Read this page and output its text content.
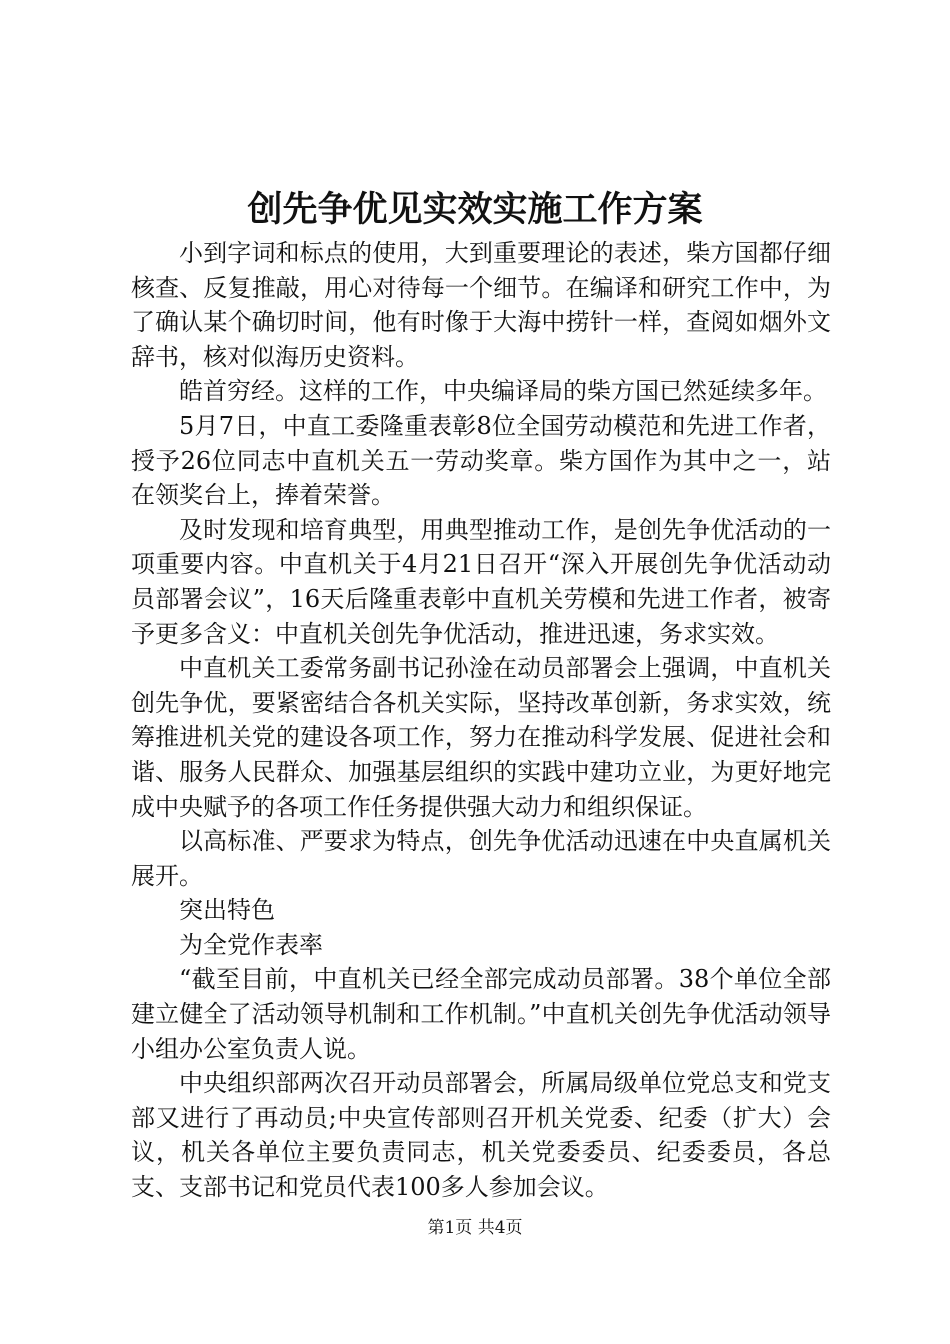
创先争优见实效实施工作方案

小到字词和标点的使用，大到重要理论的表述，柴方国都仔细核查、反复推敲，用心对待每一个细节。在编译和研究工作中，为了确认某个确切时间，他有时像于大海中捞针一样，查阅如烟外文辞书，核对似海历史资料。

皓首穷经。这样的工作，中央编译局的柴方国已然延续多年。

5月7日，中直工委隆重表彰8位全国劳动模范和先进工作者，授予26位同志中直机关五一劳动奖章。柴方国作为其中之一，站在领奖台上，捧着荣誉。

及时发现和培育典型，用典型推动工作，是创先争优活动的一项重要内容。中直机关于4月21日召开“深入开展创先争优活动动员部署会议”，16天后隆重表彰中直机关劳模和先进工作者，被寄予更多含义：中直机关创先争优活动，推进迅速，务求实效。

中直机关工委常务副书记孙淦在动员部署会上强调，中直机关创先争优，要紧密结合各机关实际，坚持改革创新，务求实效，统筹推进机关党的建设各项工作，努力在推动科学发展、促进社会和谐、服务人民群众、加强基层组织的实践中建功立业，为更好地完成中央赋予的各项工作任务提供强大动力和组织保证。

以高标准、严要求为特点，创先争优活动迅速在中央直属机关展开。

突出特色

为全党作表率

“截至目前，中直机关已经全部完成动员部署。38个单位全部建立健全了活动领导机制和工作机制。”中直机关创先争优活动领导小组办公室负责人说。

中央组织部两次召开动员部署会，所属局级单位党总支和党支部又进行了再动员;中央宣传部则召开机关党委、纪委（扩大）会议，机关各单位主要负责同志，机关党委委员、纪委委员，各总支、支部书记和党员代表100多人参加会议。

第1页 共4页
